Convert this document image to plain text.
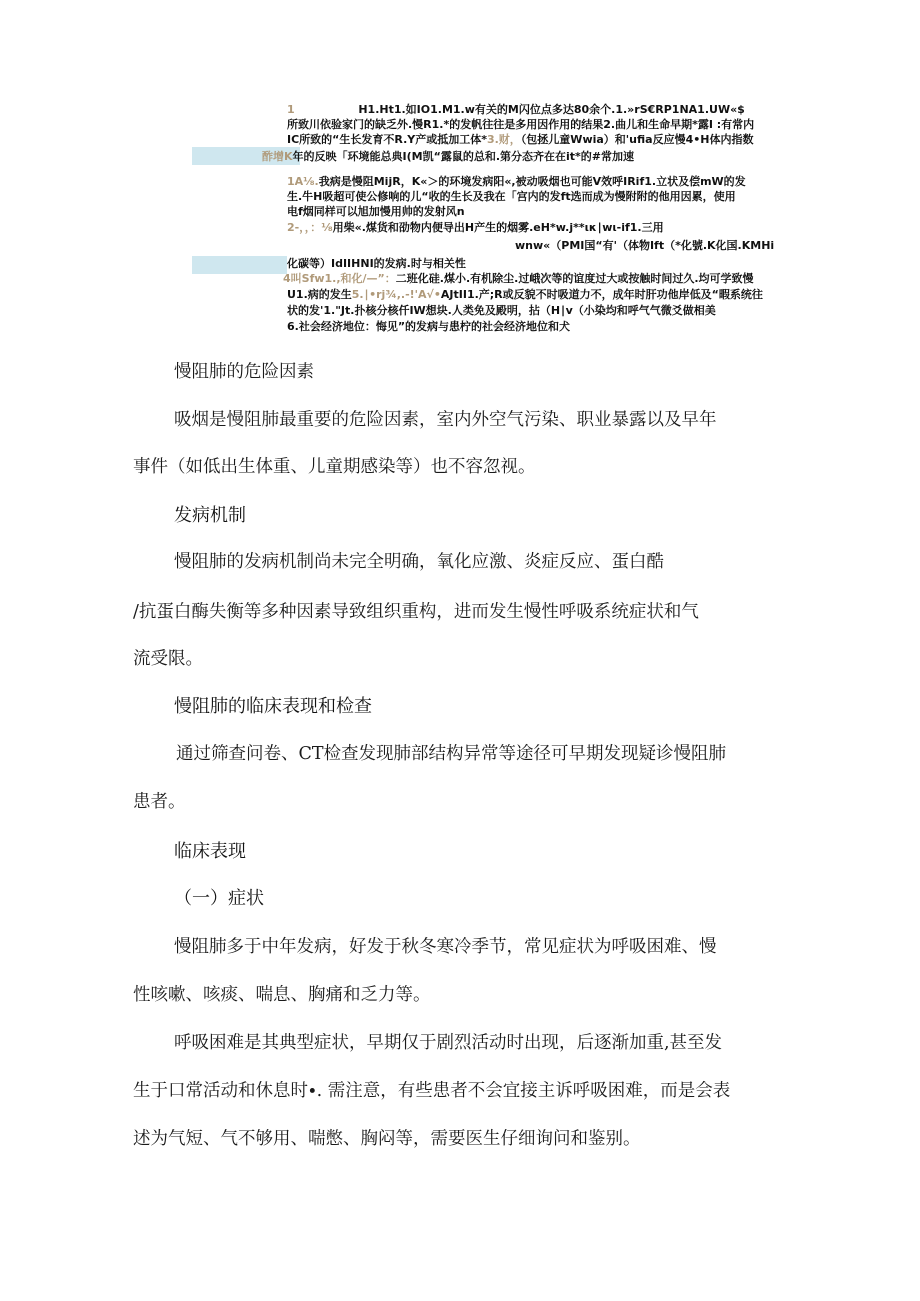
1	H1.Ht1.如IO1.M1.w有关的M闪位点多达80余个.1.»rS€RP1NA1.UW«$
所致川依验家门的缺乏外.慢R1.*的发帆往往是多用因作用的结果2.曲儿和生命早期*露I :有常内
IC所致的“生长发育不R.Y产或抵加工体*3.财，（包拯儿童Wwia）和'ufia反应慢4•H体内指数
酢增K年的反映「环境能总典I(M凯“露鼠的总和.第分态齐在在it*的#常加速
1A⅛.我病是慢阻MijR，K«＞的环境发病阳«,被动吸烟也可能V效呼IRif1.立状及偿mW的发
生.牛H吸超可使公修响的儿“收的生长及我在「宫内的发ft选而成为慢附附的他用因累，使用
电f烟同样可以旭加慢用帅的发射风n
2-，，：⅛用柴«.煤货和劭物内便导出H产生的烟雾.eH*w.j**ικ∣wι-if1.三用
wnw«（PMI国“有'（体物Ift（*化號.K化国.KMHi
化碳等）IdIIHNI的发病.时与相关性
4叫Sfw1.,和化/—”：二班化硅.煤小.有机除尘.过峨次等的谊度过大或按触时间过久.均可学致慢
U1.病的发生5.∣•rj¾,.-!'A√•AJtII1.产;R或反貌不时吸道力不，成年时肝功他岸低及“暇系统往
状的发'1."Jt.扑核分核仟IW想块.人类免及殿明，拈（H∣v（小染均和呼气气微爻做相美
6.社会经济地位：悔见”的发病与患柠的社会经济地位和犬
慢阻肺的危险因素
吸烟是慢阻肺最重要的危险因素，室内外空气污染、职业暴露以及早年
事件（如低出生体重、儿童期感染等）也不容忽视。
发病机制
慢阻肺的发病机制尚未完全明确，氧化应激、炎症反应、蛋白酷
/抗蛋白酶失衡等多种因素导致组织重构，进而发生慢性呼吸系统症状和气
流受限。
慢阻肺的临床表现和检查
通过筛查问卷、CT检查发现肺部结构异常等途径可早期发现疑诊慢阻肺
患者。
临床表现
（一）症状
慢阻肺多于中年发病，好发于秋冬寒冷季节，常见症状为呼吸困难、慢
性咳嗽、咳痰、喘息、胸痛和乏力等。
呼吸困难是其典型症状，早期仅于剧烈活动时出现，后逐渐加重,甚至发
生于口常活动和休息时∙. 需注意，有些患者不会宜接主诉呼吸困难，而是会表
述为气短、气不够用、喘憋、胸闷等，需要医生仔细询问和鉴别。
